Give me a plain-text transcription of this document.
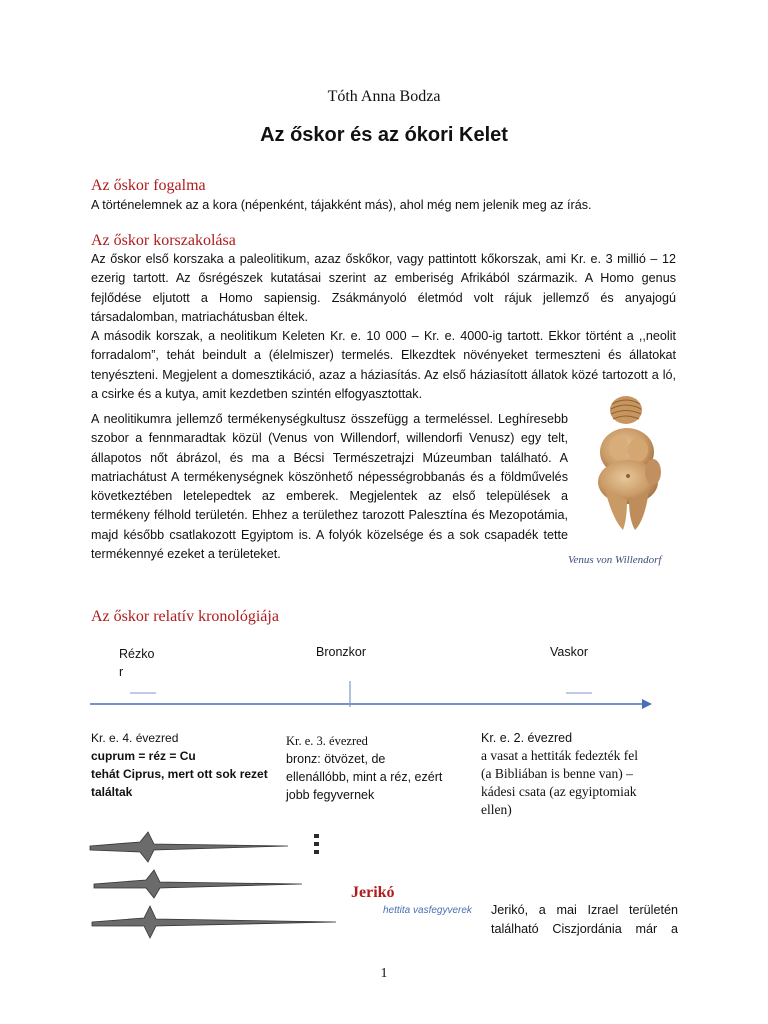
Tóth Anna Bodza
Az őskor és az ókori Kelet
Az őskor fogalma
A történelemnek az a kora (népenként, tájakként más), ahol még nem jelenik meg az írás.
Az őskor korszakolása

Az őskor első korszaka a paleolitikum, azaz őskőkor, vagy pattintott kőkorszak, ami Kr. e. 3 millió – 12 ezerig tartott. Az ősrégészek kutatásai szerint az emberiség Afrikából származik. A Homo genus fejlődése eljutott a Homo sapiensig. Zsákmányoló életmód volt rájuk jellemző és anyajogú társadalomban, matriachátusban éltek.

A második korszak, a neolitikum Keleten Kr. e. 10 000 – Kr. e. 4000-ig tartott. Ekkor történt a ,,neolit forradalom”, tehát beindult a (élelmiszer) termelés. Elkezdtek növényeket termeszteni és állatokat tenyészteni. Megjelent a domesztikáció, azaz a háziasítás. Az első háziasított állatok közé tartozott a ló, a csirke és a kutya, amit kezdetben szintén elfogyasztottak.

A neolitikumra jellemző termékenységkultusz összefügg a termeléssel. Leghíresebb szobor a fennmaradtak közül (Venus von Willendorf, willendorfi Venusz) egy telt, állapotos nőt ábrázol, és ma a Bécsi Természetrajzi Múzeumban található. A matriachátust A termékenységnek köszönhető népességrobbanás és a földművelés következtében letelepedtek az emberek. Megjelentek az első települések a termékeny félhold területén. Ehhez a területhez tarozott Palesztína és Mezopotámia, majd később csatlakozott Egyiptom is. A folyók közelsége és a sok csapadék tette termékennyé ezeket a területeket.	Venus von Willendorf
Az őskor relatív kronológiája
Rézko
r
Bronzkor	Vaskor
Kr. e. 4. évezred
cuprum = réz = Cu
tehát Ciprus, mert ott sok rezet
találtak
Kr. e. 3. évezred
bronz: ötvözet, de
ellenállóbb, mint a réz, ezért
jobb fegyvernek
Kr. e. 2. évezred
a vasat a hettiták fedezték fel
(a Bibliában is benne van) –
kádesi csata (az egyiptomiak
ellen)
Jerikó
hettita vasfegyverek Jerikó, a mai Izrael területén
található Ciszjordánia már a
1
